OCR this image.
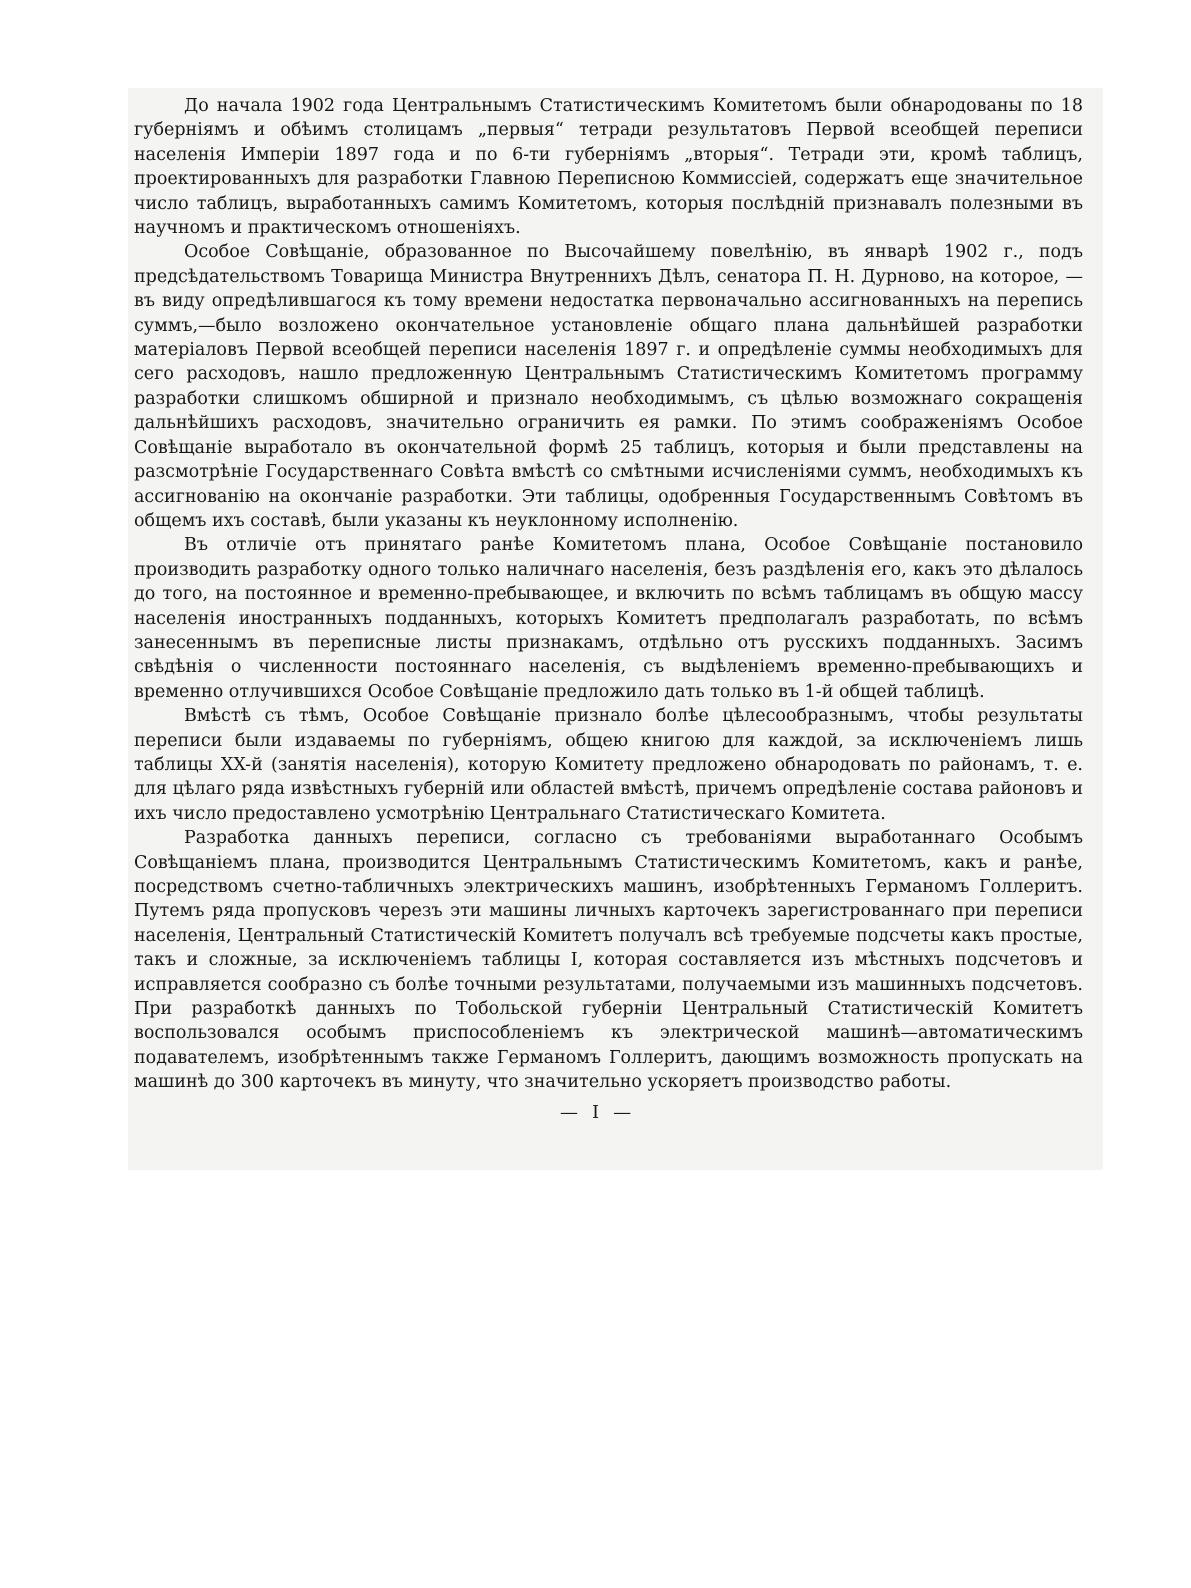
До начала 1902 года Центральнымъ Статистическимъ Комитетомъ были обнародованы по 18 губерніямъ и обѣимъ столицамъ „первыя“ тетради результатовъ Первой всеобщей переписи населенія Имперіи 1897 года и по 6-ти губерніямъ „вторыя“. Тетради эти, кромѣ таблицъ, проектированныхъ для разработки Главною Переписною Коммиссіей, содержатъ еще значительное число таблицъ, выработанныхъ самимъ Комитетомъ, которыя послѣдній признавалъ полезными въ научномъ и практическомъ отношеніяхъ.

Особое Совѣщаніе, образованное по Высочайшему повелѣнію, въ январѣ 1902 г., подъ предсѣдательствомъ Товарища Министра Внутреннихъ Дѣлъ, сенатора П. Н. Дурново, на которое, — въ виду опредѣлившагося къ тому времени недостатка первоначально ассигнованныхъ на перепись суммъ,—было возложено окончательное установленіе общаго плана дальнѣйшей разработки матеріаловъ Первой всеобщей переписи населенія 1897 г. и опредѣленіе суммы необходимыхъ для сего расходовъ, нашло предложенную Центральнымъ Статистическимъ Комитетомъ программу разработки слишкомъ обширной и признало необходимымъ, съ цѣлью возможнаго сокращенія дальнѣйшихъ расходовъ, значительно ограничить ея рамки. По этимъ соображеніямъ Особое Совѣщаніе выработало въ окончательной формѣ 25 таблицъ, которыя и были представлены на разсмотрѣніе Государственнаго Совѣта вмѣстѣ со смѣтными исчисленіями суммъ, необходимыхъ къ ассигнованію на окончаніе разработки. Эти таблицы, одобренныя Государственнымъ Совѣтомъ въ общемъ ихъ составѣ, были указаны къ неуклонному исполненію.

Въ отличіе отъ принятаго ранѣе Комитетомъ плана, Особое Совѣщаніе постановило производить разработку одного только наличнаго населенія, безъ раздѣленія его, какъ это дѣлалось до того, на постоянное и временно-пребывающее, и включить по всѣмъ таблицамъ въ общую массу населенія иностранныхъ подданныхъ, которыхъ Комитетъ предполагалъ разработать, по всѣмъ занесеннымъ въ переписные листы признакамъ, отдѣльно отъ русскихъ подданныхъ. Засимъ свѣдѣнія о численности постояннаго населенія, съ выдѣленіемъ временно-пребывающихъ и временно отлучившихся Особое Совѣщаніе предложило дать только въ 1-й общей таблицѣ.

Вмѣстѣ съ тѣмъ, Особое Совѣщаніе признало болѣе цѣлесообразнымъ, чтобы результаты переписи были издаваемы по губерніямъ, общею книгою для каждой, за исключеніемъ лишь таблицы XX-й (занятія населенія), которую Комитету предложено обнародовать по районамъ, т. е. для цѣлаго ряда извѣстныхъ губерній или областей вмѣстѣ, причемъ опредѣленіе состава районовъ и ихъ число предоставлено усмотрѣнію Центральнаго Статистическаго Комитета.

Разработка данныхъ переписи, согласно съ требованіями выработаннаго Особымъ Совѣщаніемъ плана, производится Центральнымъ Статистическимъ Комитетомъ, какъ и ранѣе, посредствомъ счетно-табличныхъ электрическихъ машинъ, изобрѣтенныхъ Германомъ Голлеритъ. Путемъ ряда пропусковъ черезъ эти машины личныхъ карточекъ зарегистрованнаго при переписи населенія, Центральный Статистическій Комитетъ получалъ всѣ требуемые подсчеты какъ простые, такъ и сложные, за исключеніемъ таблицы I, которая составляется изъ мѣстныхъ подсчетовъ и исправляется сообразно съ болѣе точными результатами, получаемыми изъ машинныхъ подсчетовъ. При разработкѣ данныхъ по Тобольской губерніи Центральный Статистическій Комитетъ воспользовался особымъ приспособленіемъ къ электрической машинѣ—автоматическимъ подавателемъ, изобрѣтеннымъ также Германомъ Голлеритъ, дающимъ возможность пропускать на машинѣ до 300 карточекъ въ минуту, что значительно ускоряетъ производство работы.

— I —
